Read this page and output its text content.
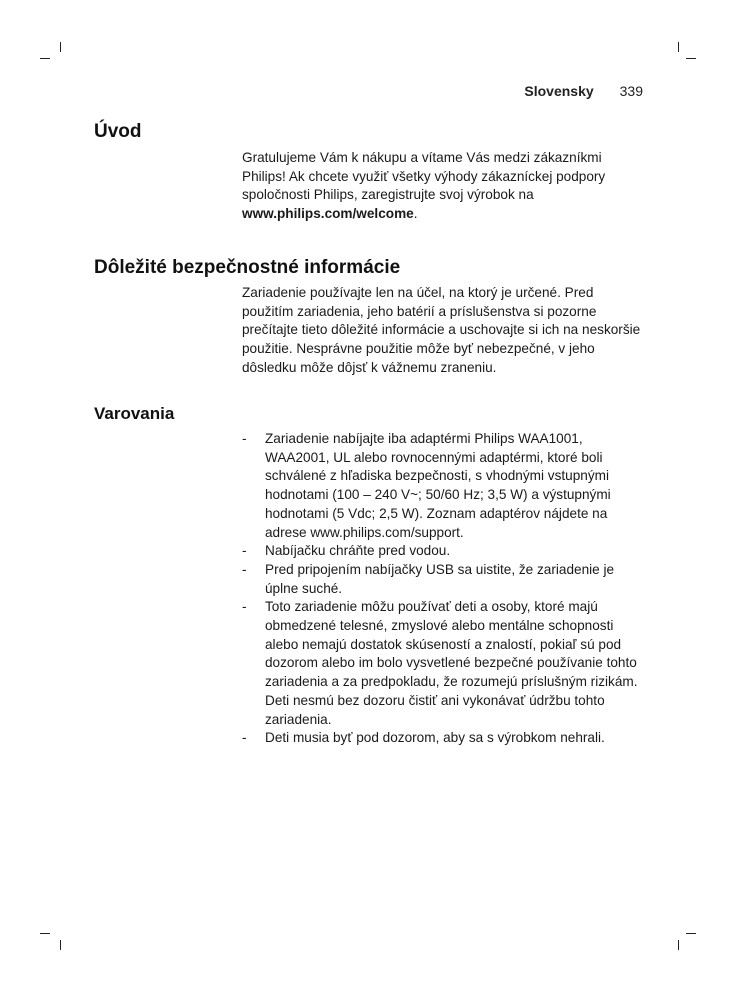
Slovensky 339
Úvod

Gratulujeme Vám k nákupu a vítame Vás medzi zákazníkmi Philips! Ak chcete využiť všetky výhody zákazníckej podpory spoločnosti Philips, zaregistrujte svoj výrobok na www.philips.com/welcome.

Dôležité bezpečnostné informácie

Zariadenie používajte len na účel, na ktorý je určené. Pred použitím zariadenia, jeho batérií a príslušenstva si pozorne prečítajte tieto dôležité informácie a uschovajte si ich na neskoršie použitie. Nesprávne použitie môže byť nebezpečné, v jeho dôsledku môže dôjsť k vážnemu zraneniu.

Varovania
- Zariadenie nabíjajte iba adaptérmi Philips WAA1001, WAA2001, UL alebo rovnocennými adaptérmi, ktoré boli schválené z hľadiska bezpečnosti, s vhodnými vstupnými hodnotami (100 – 240 V~; 50/60 Hz; 3,5 W) a výstupnými hodnotami (5 Vdc; 2,5 W). Zoznam adaptérov nájdete na adrese www.philips.com/support.
- Nabíjačku chráňte pred vodou.
- Pred pripojením nabíjačky USB sa uistite, že zariadenie je úplne suché.
- Toto zariadenie môžu používať deti a osoby, ktoré majú obmedzené telesné, zmyslové alebo mentálne schopnosti alebo nemajú dostatok skúseností a znalostí, pokiaľ sú pod dozorom alebo im bolo vysvetlené bezpečné používanie tohto zariadenia a za predpokladu, že rozumejú príslušným rizikám. Deti nesmú bez dozoru čistiť ani vykonávať údržbu tohto zariadenia.
- Deti musia byť pod dozorom, aby sa s výrobkom nehrali.
